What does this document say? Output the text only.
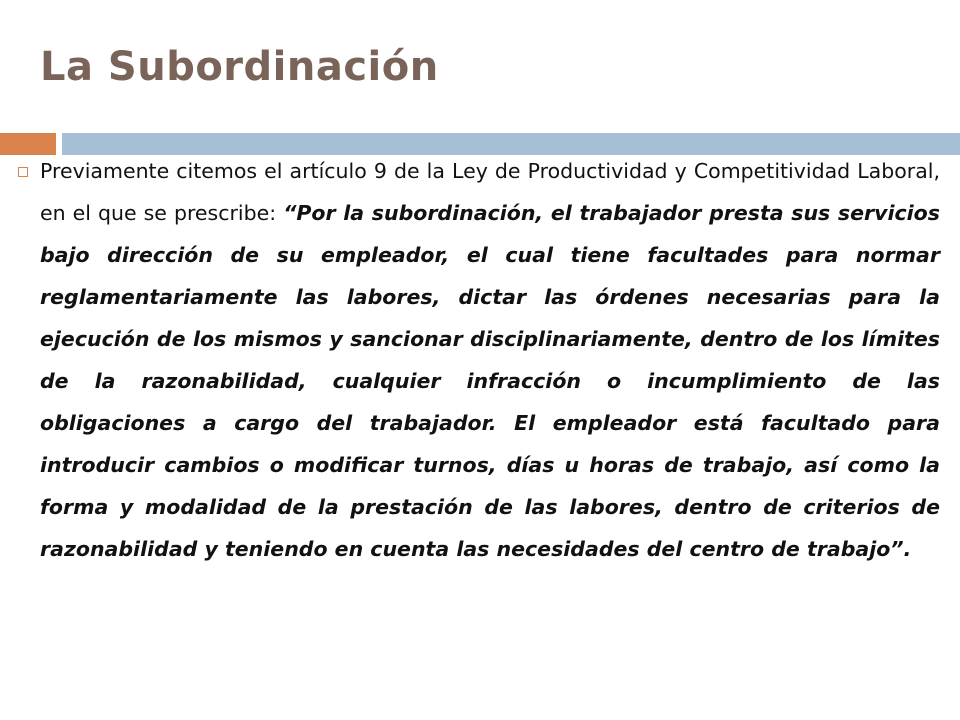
La Subordinación

Previamente citemos el artículo 9 de la Ley de Productividad y Competitividad Laboral, en el que se prescribe: “Por la subordinación, el trabajador presta sus servicios bajo dirección de su empleador, el cual tiene facultades para normar reglamentariamente las labores, dictar las órdenes necesarias para la ejecución de los mismos y sancionar disciplinariamente, dentro de los límites de la razonabilidad, cualquier infracción o incumplimiento de las obligaciones a cargo del trabajador. El empleador está facultado para introducir cambios o modificar turnos, días u horas de trabajo, así como la forma y modalidad de la prestación de las labores, dentro de criterios de razonabilidad y teniendo en cuenta las necesidades del centro de trabajo”.
